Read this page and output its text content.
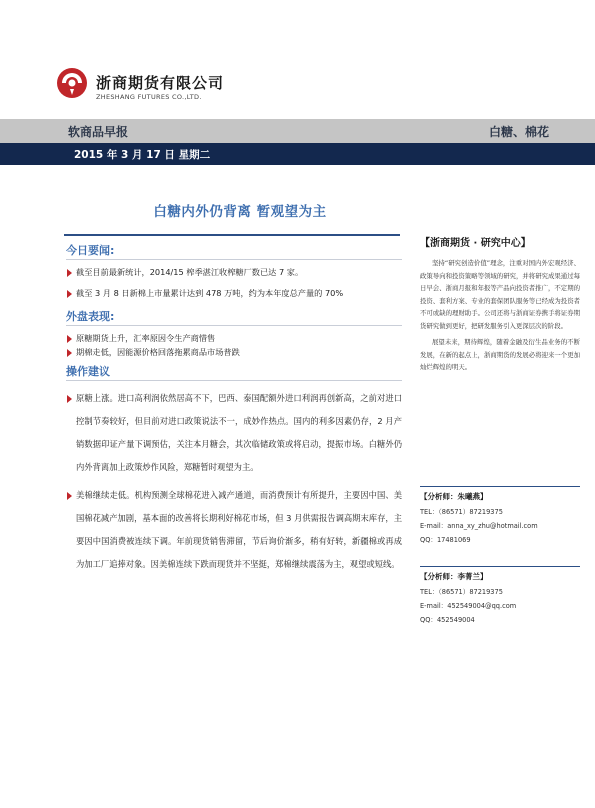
浙商期货有限公司
ZHESHANG FUTURES CO.,LTD.
软商品早报	白糖、棉花
2015 年 3 月 17 日 星期二
白糖内外仍背离 暂观望为主
今日要闻:
截至目前最新统计，2014/15 榨季湛江收榨糖厂数已达 7 家。
截至 3 月 8 日新棉上市量累计达到 478 万吨，约为本年度总产量的 70%
外盘表现:
原糖期货上升，汇率原因令生产商惜售
期棉走低，因能源价格回落拖累商品市场普跌
操作建议
原糖上涨。进口高利润依然居高不下，巴西、泰国配额外进口利润再创新高，之前对进口控制节奏较好，但目前对进口政策说法不一，成妙作热点。国内的利多因素仍存，2 月产销数据印证产量下调预估，关注本月糖会，其次临储政策或将启动，提振市场。白糖外仍内外背离加上政策炒作风险，郑糖暂时观望为主。
美棉继续走低。机构预测全球棉花进入减产通道，而消费预计有所提升，主要因中国、美国棉花减产加剧，基本面的改善将长期利好棉花市场，但 3 月供需报告调高期末库存，主要因中国消费被连续下调。年前现货销售滞留，节后询价渐多，稍有好转，新疆棉或再成为加工厂追捧对象。因美棉连续下跌而现货并不坚挺，郑棉继续震荡为主，观望或短线。
【浙商期货 · 研究中心】

坚持“研究创造价值”理念，注重对国内外宏观经济、政策导向和投资策略等领域的研究，并将研究成果通过每日早会、浙商月报和年报等产品向投资者推广，不定期的投资、套利方案、专业的套保团队服务等已经成为投资者不可或缺的理财助手。公司还将与浙商证券携手将证券期货研究做到更好，把研发服务引入更深层次的阶段。

展望未来，期待辉煌，随着金融及衍生品业务的不断发展，在新的起点上，浙商期货的发展必将迎来一个更加灿烂辉煌的明天。

【分析师：朱曦燕】
TEL：（86571）87219375
E-mail：anna_xy_zhu@hotmail.com
QQ：17481069
【分析师：李菁兰】
TEL：（86571）87219375
E-mail：452549004@qq.com
QQ：452549004
